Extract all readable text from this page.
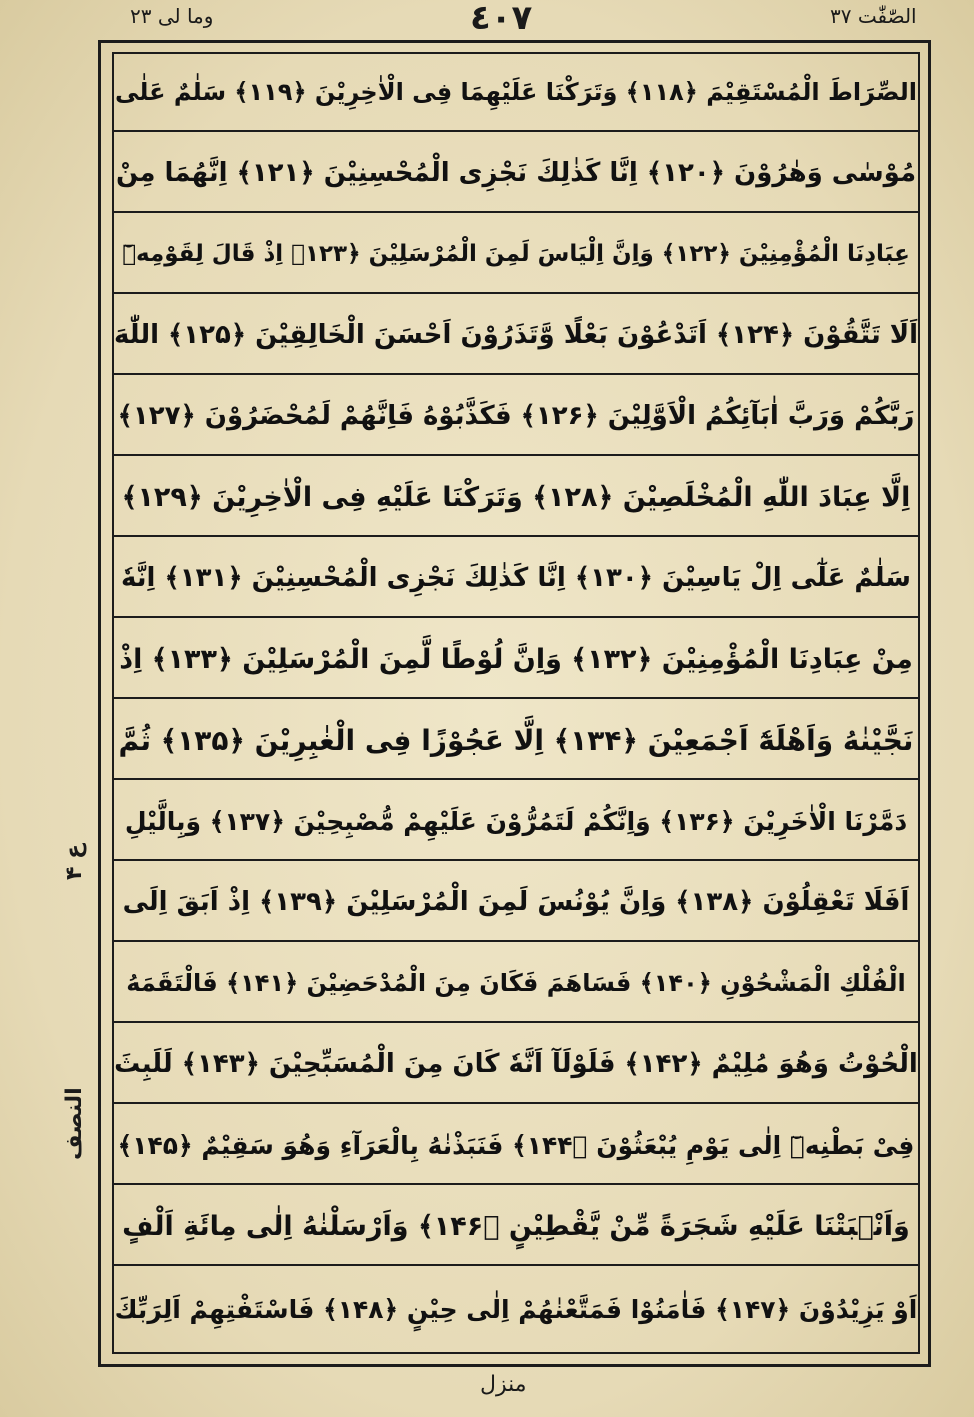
وما لی ۲۳	٤٠٧	الصّٰفّٰت ۳۷
ع ۴
النصف
الصِّرَاطَ الْمُسْتَقِيْمَ ﴿۱۱۸﴾ وَتَرَكْنَا عَلَيْهِمَا فِى الْاٰخِرِيْنَ ﴿۱۱۹﴾ سَلٰمٌ عَلٰى
مُوْسٰى وَهٰرُوْنَ ﴿۱۲۰﴾ اِنَّا كَذٰلِكَ نَجْزِى الْمُحْسِنِيْنَ ﴿۱۲۱﴾ اِنَّهُمَا مِنْ
عِبَادِنَا الْمُؤْمِنِيْنَ ﴿۱۲۲﴾ وَاِنَّ اِلْيَاسَ لَمِنَ الْمُرْسَلِيْنَ ﴿۱۲۳﴾ اِذْ قَالَ لِقَوْمِهٖٓ
اَلَا تَتَّقُوْنَ ﴿۱۲۴﴾ اَتَدْعُوْنَ بَعْلًا وَّتَذَرُوْنَ اَحْسَنَ الْخَالِقِيْنَ ﴿۱۲۵﴾ اللّٰهَ
رَبَّكُمْ وَرَبَّ اٰبَآئِكُمُ الْاَوَّلِيْنَ ﴿۱۲۶﴾ فَكَذَّبُوْهُ فَاِنَّهُمْ لَمُحْضَرُوْنَ ﴿۱۲۷﴾
اِلَّا عِبَادَ اللّٰهِ الْمُخْلَصِيْنَ ﴿۱۲۸﴾ وَتَرَكْنَا عَلَيْهِ فِى الْاٰخِرِيْنَ ﴿۱۲۹﴾
سَلٰمٌ عَلٰٓى اِلْ يَاسِيْنَ ﴿۱۳۰﴾ اِنَّا كَذٰلِكَ نَجْزِى الْمُحْسِنِيْنَ ﴿۱۳۱﴾ اِنَّهٗ
مِنْ عِبَادِنَا الْمُؤْمِنِيْنَ ﴿۱۳۲﴾ وَاِنَّ لُوْطًا لَّمِنَ الْمُرْسَلِيْنَ ﴿۱۳۳﴾ اِذْ
نَجَّيْنٰهُ وَاَهْلَهٗٓ اَجْمَعِيْنَ ﴿۱۳۴﴾ اِلَّا عَجُوْزًا فِى الْغٰبِرِيْنَ ﴿۱۳۵﴾ ثُمَّ
دَمَّرْنَا الْاٰخَرِيْنَ ﴿۱۳۶﴾ وَاِنَّكُمْ لَتَمُرُّوْنَ عَلَيْهِمْ مُّصْبِحِيْنَ ﴿۱۳۷﴾ وَبِالَّيْلِ
اَفَلَا تَعْقِلُوْنَ ﴿۱۳۸﴾ وَاِنَّ يُوْنُسَ لَمِنَ الْمُرْسَلِيْنَ ﴿۱۳۹﴾ اِذْ اَبَقَ اِلَى
الْفُلْكِ الْمَشْحُوْنِ ﴿۱۴۰﴾ فَسَاهَمَ فَكَانَ مِنَ الْمُدْحَضِيْنَ ﴿۱۴۱﴾ فَالْتَقَمَهُ
الْحُوْتُ وَهُوَ مُلِيْمٌ ﴿۱۴۲﴾ فَلَوْلَآ اَنَّهٗ كَانَ مِنَ الْمُسَبِّحِيْنَ ﴿۱۴۳﴾ لَلَبِثَ
فِىْ بَطْنِهٖٓ اِلٰى يَوْمِ يُبْعَثُوْنَ ﴿۱۴۴﴾ فَنَبَذْنٰهُ بِالْعَرَآءِ وَهُوَ سَقِيْمٌ ﴿۱۴۵﴾
وَاَنْۢبَتْنَا عَلَيْهِ شَجَرَةً مِّنْ يَّقْطِيْنٍ ﴿۱۴۶﴾ وَاَرْسَلْنٰهُ اِلٰى مِائَةِ اَلْفٍ
اَوْ يَزِيْدُوْنَ ﴿۱۴۷﴾ فَاٰمَنُوْا فَمَتَّعْنٰهُمْ اِلٰى حِيْنٍ ﴿۱۴۸﴾ فَاسْتَفْتِهِمْ اَلِرَبِّكَ
منزل
